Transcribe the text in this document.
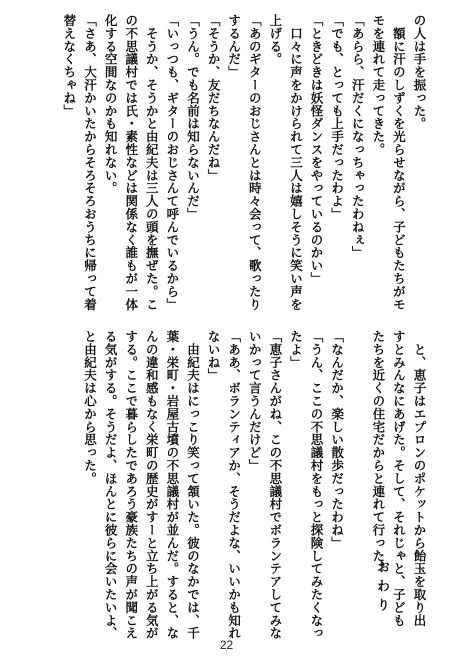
の人は手を振った。
　額に汗のしずくを光らせながら、子どもたちがモ
モを連れて走ってきた。
「あらら、汗だくになっちゃったわねぇ」
「でも、とっても上手だったわよ」
「ときどきは妖怪ダンスをやっているのかい」
　口々に声をかけられて三人は嬉しそうに笑い声を
上げる。
「あのギターのおじさんとは時々会って、歌ったり
するんだ」
「そうか、友だちなんだね」
「うん。でも名前は知らないんだ」
「いっつも、ギターのおじさんて呼んでいるから」
　そうか、そうかと由紀夫は三人の頭を撫ぜた。こ
の不思議村では氏・素性などは関係なく誰もが一体
化する空間なのかも知れない。
「さあ、大汗かいたからそろそろおうちに帰って着
替えなくちゃね」
　と、恵子はエプロンのポケットから飴玉を取り出
すとみんなにあげた。そして、それじゃと、子ども
たちを近くの住宅だからと連れて行った。

「なんだか、楽しい散歩だったわね」
「うん、ここの不思議村をもっと探険してみたくなっ
たよ」
「恵子さんがね、この不思議村でボランテアしてみな
いかって言うんだけど」
「ああ、ボランティアか、そうだよな、いいかも知れ
ないね」
　由紀夫はにっこり笑って頷いた。彼のなかでは、千
葉・栄町・岩屋古墳の不思議村が並んだ。すると、な
んの違和感もなく栄町の歴史がすーと立ち上がる気が
する。ここで暮らしたであろう豪族たちの声が聞こえ
る気がする。そうだよ、ほんとに彼らに会いたいよ、
と由紀夫は心から思った。
おわり
22
